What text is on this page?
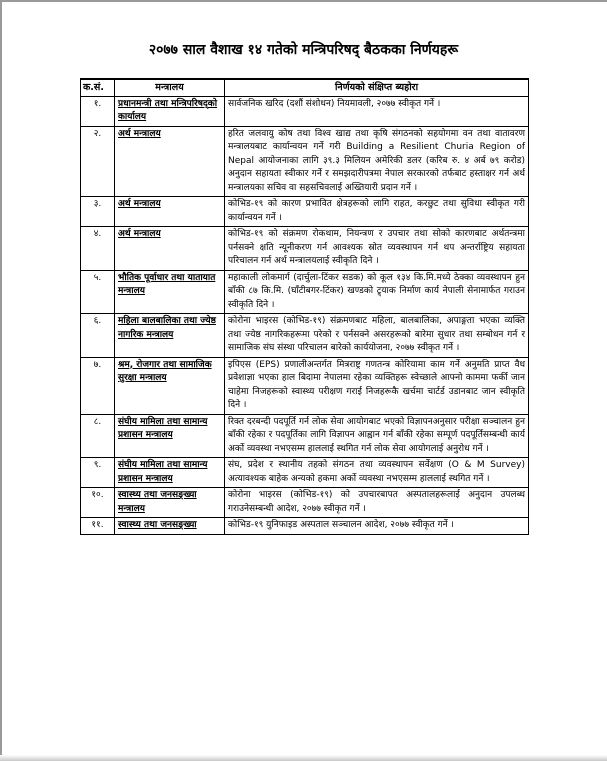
२०७७ साल वैशाख १४ गतेको मन्त्रिपरिषद् बैठकका निर्णयहरू
क.सं.	मन्त्रालय	निर्णयको संक्षिप्त ब्यहोरा
१.	प्रधानमन्त्री तथा मन्त्रिपरिषद्को कार्यालय	सार्वजनिक खरिद (दशौं संशोधन) नियमावली, २०७७ स्वीकृत गर्ने ।
२.	अर्थ मन्त्रालय	हरित जलवायु कोष तथा विश्व खाद्य तथा कृषि संगठनको सहयोगमा वन तथा वातावरण मन्त्रालयबाट कार्यान्वयन गर्ने गरी Building a Resilient Churia Region of Nepal आयोजनाका लागि ३९.३ मिलियन अमेरिकी डलर (करिब रु. ४ अर्ब ७९ करोड) अनुदान सहायता स्वीकार गर्ने र समझदारीपत्रमा नेपाल सरकारको तर्फबाट हस्ताक्षर गर्न अर्थ मन्त्रालयका सचिव वा सहसचिवलाई अख्तियारी प्रदान गर्ने ।
३.	अर्थ मन्त्रालय	कोभिड-१९ को कारण प्रभावित क्षेत्रहरूको लागि राहत, करछुट तथा सुविधा स्वीकृत गरी कार्यान्वयन गर्ने ।
४.	अर्थ मन्त्रालय	कोभिड-१९ को संक्रमण रोकथाम, नियन्त्रण र उपचार तथा सोको कारणबाट अर्थतन्त्रमा पर्नसक्ने क्षति न्यूनीकरण गर्न आवश्यक स्रोत व्यवस्थापन गर्न थप अन्तर्राष्ट्रिय सहायता परिचालन गर्न अर्थ मन्त्रालयलाई स्वीकृति दिने ।
५.	भौतिक पूर्वाधार तथा यातायात मन्त्रालय	महाकाली लोकमार्ग (दार्चुला-टिंकर सडक) को कूल १३४ कि.मि.मध्ये ठेक्का व्यवस्थापन हुन बाँकी ८७ कि.मि. (घाँटीबगर-टिंकर) खण्डको ट्र्याक निर्माण कार्य नेपाली सेनामार्फत गराउन स्वीकृति दिने ।
६.	महिला बालबालिका तथा ज्येष्ठ नागरिक मन्त्रालय	कोरोना भाइरस (कोभिड-१९) संक्रमणबाट महिला, बालबालिका, अपाङ्गता भएका व्यक्ति तथा ज्येष्ठ नागरिकहरूमा परेको र पर्नसक्ने असरहरूको बारेमा सुधार तथा सम्बोधन गर्न र सामाजिक संघ संस्था परिचालन बारेको कार्ययोजना, २०७७ स्वीकृत गर्ने ।
७.	श्रम, रोजगार तथा सामाजिक सुरक्षा मन्त्रालय	इपिएस (EPS) प्रणालीअन्तर्गत मित्रराष्ट्र गणतन्त्र कोरियामा काम गर्ने अनुमति प्राप्त वैध प्रवेशाज्ञा भएका हाल बिदामा नेपालमा रहेका व्यक्तिहरू स्वेच्छाले आफ्नो काममा फर्की जान चाहेमा निजहरूको स्वास्थ्य परीक्षण गराई निजहरूकै खर्चमा चार्टर्ड उडानबाट जान स्वीकृति दिने ।
८.	संघीय मामिला तथा सामान्य प्रशासन मन्त्रालय	रिक्त दरबन्दी पदपूर्ति गर्न लोक सेवा आयोगबाट भएको विज्ञापनअनुसार परीक्षा सञ्चालन हुन बाँकी रहेका र पदपूर्तिका लागि विज्ञापन आह्वान गर्न बाँकी रहेका सम्पूर्ण पदपूर्तिसम्बन्धी कार्य अर्को व्यवस्था नभएसम्म हाललाई स्थगित गर्न लोक सेवा आयोगलाई अनुरोध गर्ने ।
९.	संघीय मामिला तथा सामान्य प्रशासन मन्त्रालय	संघ, प्रदेश र स्थानीय तहको संगठन तथा व्यवस्थापन सर्वेक्षण (O & M Survey) अत्यावश्यक बाहेक अन्यको हकमा अर्को व्यवस्था नभएसम्म हाललाई स्थगित गर्ने ।
१०.	स्वास्थ्य तथा जनसङ्ख्या मन्त्रालय	कोरोना भाइरस (कोभिड-१९) को उपचारबापत अस्पतालहरूलाई अनुदान उपलब्ध गराउनेसम्बन्धी आदेश, २०७७ स्वीकृत गर्ने ।
११.	स्वास्थ्य तथा जनसङ्ख्या	कोभिड-१९ युनिफाइड अस्पताल सञ्चालन आदेश, २०७७ स्वीकृत गर्ने ।
